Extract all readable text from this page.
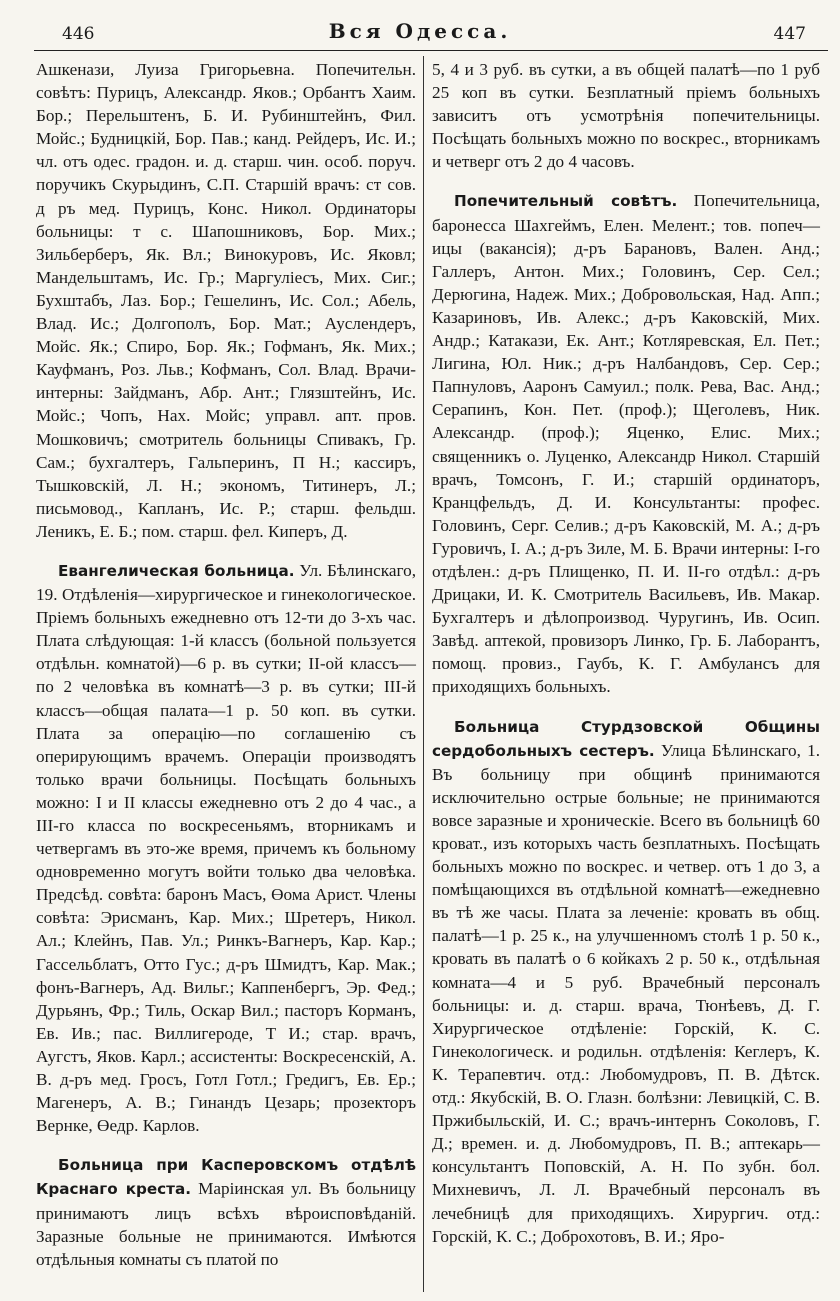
446	Вся Одесса.	447

Ашкенази, Луиза Григорьевна. Попечительн. совѣтъ: Пурицъ, Александр. Яков.; Орбантъ Хаим. Бор.; Перельштенъ, Б. И. Рубинштейнъ, Фил. Мойс.; Будницкій, Бор. Пав.; канд. Рейдеръ, Ис. И.; чл. отъ одес. градон. и. д. старш. чин. особ. поруч. поручикъ Скурыдинъ, С.П. Старшій врачъ: ст сов. д ръ мед. Пурицъ, Конс. Никол. Ординаторы больницы: т с. Шапошниковъ, Бор. Мих.; Зильберберъ, Як. Вл.; Винокуровъ, Ис. Яковл; Мандельштамъ, Ис. Гр.; Маргулiесъ, Мих. Сиг.; Бухштабъ, Лаз. Бор.; Гешелинъ, Ис. Сол.; Абель, Влад. Ис.; Долгополъ, Бор. Мат.; Ауслендеръ, Мойс. Як.; Спиро, Бор. Як.; Гофманъ, Як. Мих.; Кауфманъ, Роз. Льв.; Кофманъ, Сол. Влад. Врачи-интерны: Зайдманъ, Абр. Ант.; Глязштейнъ, Ис. Мойс.; Чопъ, Нах. Мойс; управл. апт. пров. Мошковичъ; смотритель больницы Спивакъ, Гр. Сам.; бухгалтеръ, Гальперинъ, П Н.; кассиръ, Тышковскій, Л. Н.; экономъ, Титинеръ, Л.; письмовод., Капланъ, Ис. Р.; старш. фельдш. Леникъ, Е. Б.; пом. старш. фел. Киперъ, Д.

Евангелическая больница. Ул. Бѣлинскаго, 19. Отдѣленія—хирургическое и гинекологическое. Пріемъ больныхъ ежедневно отъ 12-ти до 3-хъ час. Плата слѣдующая: 1-й классъ (больной пользуется отдѣльн. комнатой)—6 р. въ сутки; II-ой классъ—по 2 человѣка въ комнатѣ—3 р. въ сутки; III-й классъ—общая палата—1 р. 50 коп. въ сутки. Плата за операцію—по соглашенію съ оперирующимъ врачемъ. Операціи производятъ только врачи больницы. Посѣщать больныхъ можно: I и II классы ежедневно отъ 2 до 4 час., а III-го класса по воскресеньямъ, вторникамъ и четвергамъ въ это-же время, причемъ къ больному одновременно могутъ войти только два человѣка. Предсѣд. совѣта: баронъ Масъ, Өома Арист. Члены совѣта: Эрисманъ, Кар. Мих.; Шретеръ, Никол. Ал.; Клейнъ, Пав. Ул.; Ринкъ-Вагнеръ, Кар. Кар.; Гассельблатъ, Отто Гус.; д-ръ Шмидтъ, Кар. Мак.; фонъ-Вагнеръ, Ад. Вильг.; Каппенбергъ, Эр. Фед.; Дурьянъ, Фр.; Тиль, Оскар Вил.; пасторъ Корманъ, Ев. Ив.; пас. Виллигероде, Т И.; стар. врачъ, Аугстъ, Яков. Карл.; ассистенты: Воскресенскій, А. В. д-ръ мед. Гросъ, Готл Готл.; Гредигъ, Ев. Ер.; Магенеръ, А. В.; Гинандъ Цезарь; прозекторъ Вернке, Өедр. Карлов.

Больница при Касперовскомъ отдѣлѣ Краснаго креста. Маріинская ул. Въ больницу принимаютъ лицъ всѣхъ вѣроисповѣданій. Заразные больные не принимаются. Имѣются отдѣльныя комнаты съ платой по

5, 4 и 3 руб. въ сутки, а въ общей палатѣ—по 1 руб 25 коп въ сутки. Безплатный пріемъ больныхъ зависитъ отъ усмотрѣнія попечительницы. Посѣщать больныхъ можно по воскрес., вторникамъ и четверг отъ 2 до 4 часовъ.

Попечительный совѣтъ. Попечительница, баронесса Шахгеймъ, Елен. Мелент.; тов. попеч—ицы (вакансія); д-ръ Барановъ, Вален. Анд.; Галлеръ, Антон. Мих.; Головинъ, Сер. Сел.; Дерюгина, Надеж. Мих.; Добровольская, Над. Апп.; Казариновъ, Ив. Алекс.; д-ръ Каковскій, Мих. Андр.; Катакази, Ек. Ант.; Котляревская, Ел. Пет.; Лигина, Юл. Ник.; д-ръ Налбандовъ, Сер. Сер.; Папнуловъ, Ааронъ Самуил.; полк. Рева, Вас. Анд.; Серапинъ, Кон. Пет. (проф.); Щеголевъ, Ник. Александр. (проф.); Яценко, Елис. Мих.; священникъ о. Луценко, Александр Никол. Старшій врачъ, Томсонъ, Г. И.; старшій ординаторъ, Кранцфельдъ, Д. И. Консультанты: профес. Головинъ, Серг. Селив.; д-ръ Каковскій, М. А.; д-ръ Гуровичъ, I. А.; д-ръ Зиле, М. Б. Врачи интерны: I-го отдѣлен.: д-ръ Плищенко, П. И. II-го отдѣл.: д-ръ Дрицаки, И. К. Смотритель Васильевъ, Ив. Макар. Бухгалтеръ и дѣлопроизвод. Чуругинъ, Ив. Осип. Завѣд. аптекой, провизоръ Линко, Гр. Б. Лаборантъ, помощ. провиз., Гаубъ, К. Г. Амбулансъ для приходящихъ больныхъ.

Больница Стурдзовской Общины сердобольныхъ сестеръ. Улица Бѣлинскаго, 1. Въ больницу при общинѣ принимаются исключительно острые больные; не принимаются вовсе заразные и хроническіе. Всего въ больницѣ 60 кроват., изъ которыхъ часть безплатныхъ. Посѣщать больныхъ можно по воскрес. и четвер. отъ 1 до 3, а помѣщающихся въ отдѣльной комнатѣ—ежедневно въ тѣ же часы. Плата за леченіе: кровать въ общ. палатѣ—1 р. 25 к., на улучшенномъ столѣ 1 р. 50 к., кровать въ палатѣ о 6 койкахъ 2 р. 50 к., отдѣльная комната—4 и 5 руб. Врачебный персоналъ больницы: и. д. старш. врача, Тюнѣевъ, Д. Г. Хирургическое отдѣленіе: Горскій, К. С. Гинекологическ. и родильн. отдѣленія: Кеглеръ, К. К. Терапевтич. отд.: Любомудровъ, П. В. Дѣтск. отд.: Якубскій, В. О. Глазн. болѣзни: Левицкій, С. В. Пржибыльскій, И. С.; врачъ-интернъ Соколовъ, Г. Д.; времен. и. д. Любомудровъ, П. В.; аптекарь—консультантъ Поповскій, А. Н. По зубн. бол. Михневичъ, Л. Л. Врачебный персоналъ въ лечебницѣ для приходящихъ. Хирургич. отд.: Горскій, К. С.; Доброхотовъ, В. И.; Яро-
